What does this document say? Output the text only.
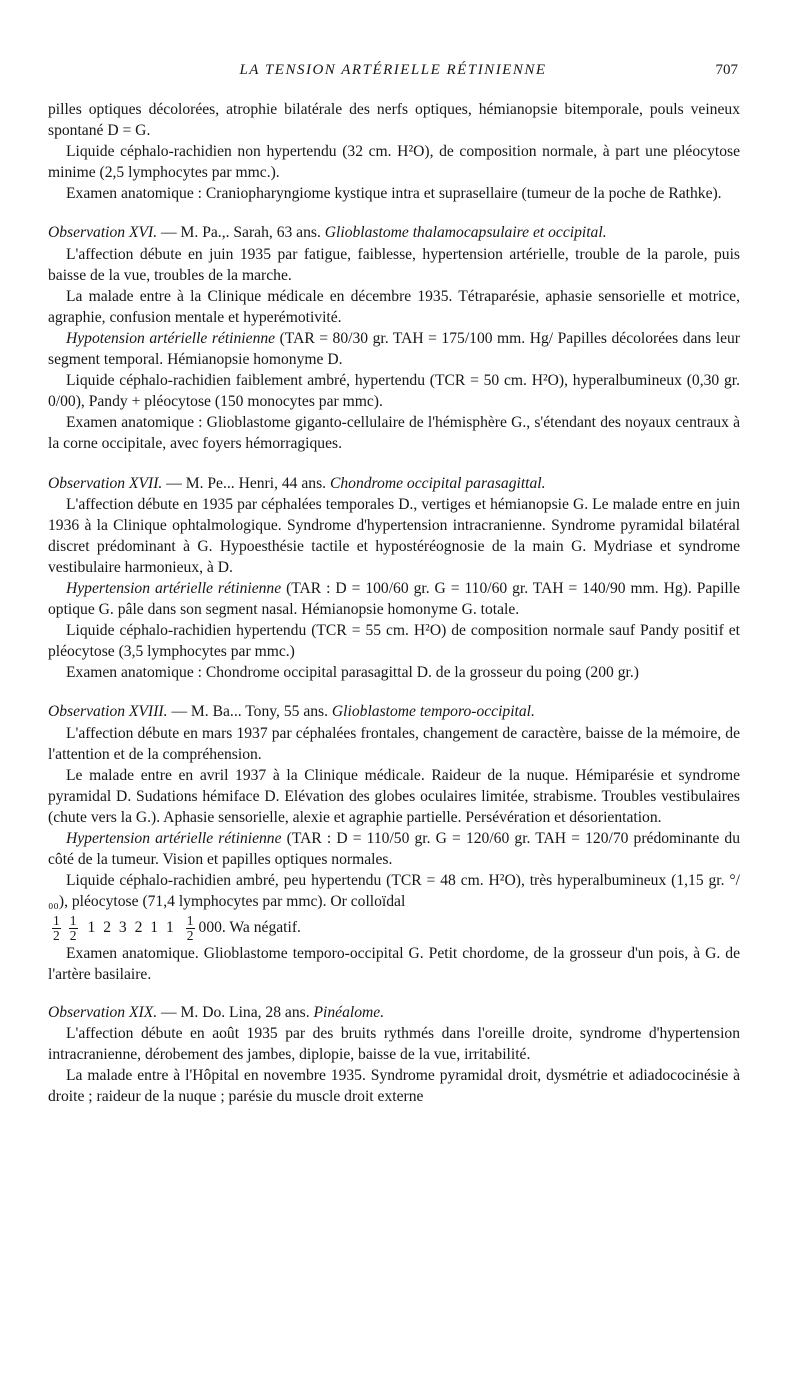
LA TENSION ARTÉRIELLE RÉTINIENNE	707

pilles optiques décolorées, atrophie bilatérale des nerfs optiques, hémianopsie bitemporale, pouls veineux spontané D = G.

Liquide céphalo-rachidien non hypertendu (32 cm. H²O), de composition normale, à part une pléocytose minime (2,5 lymphocytes par mmc.).

Examen anatomique : Craniopharyngiome kystique intra et suprasellaire (tumeur de la poche de Rathke).

Observation XVI. — M. Pa.,. Sarah, 63 ans. Glioblastome thalamocapsulaire et occipital.

L'affection débute en juin 1935 par fatigue, faiblesse, hypertension artérielle, trouble de la parole, puis baisse de la vue, troubles de la marche.

La malade entre à la Clinique médicale en décembre 1935. Tétraparésie, aphasie sensorielle et motrice, agraphie, confusion mentale et hyperémotivité.

Hypotension artérielle rétinienne (TAR = 80/30 gr. TAH = 175/100 mm. Hg/ Papilles décolorées dans leur segment temporal. Hémianopsie homonyme D.

Liquide céphalo-rachidien faiblement ambré, hypertendu (TCR = 50 cm. H²O), hyperalbumineux (0,30 gr. 0/00), Pandy + pléocytose (150 monocytes par mmc).

Examen anatomique : Glioblastome giganto-cellulaire de l'hémisphère G., s'étendant des noyaux centraux à la corne occipitale, avec foyers hémorragiques.

Observation XVII. — M. Pe... Henri, 44 ans. Chondrome occipital parasagittal.

L'affection débute en 1935 par céphalées temporales D., vertiges et hémianopsie G. Le malade entre en juin 1936 à la Clinique ophtalmologique. Syndrome d'hypertension intracranienne. Syndrome pyramidal bilatéral discret prédominant à G. Hypoesthésie tactile et hypostéréognosie de la main G. Mydriase et syndrome vestibulaire harmonieux, à D.

Hypertension artérielle rétinienne (TAR : D = 100/60 gr. G = 110/60 gr. TAH = 140/90 mm. Hg). Papille optique G. pâle dans son segment nasal. Hémianopsie homonyme G. totale.

Liquide céphalo-rachidien hypertendu (TCR = 55 cm. H²O) de composition normale sauf Pandy positif et pléocytose (3,5 lymphocytes par mmc.)

Examen anatomique : Chondrome occipital parasagittal D. de la grosseur du poing (200 gr.)

Observation XVIII. — M. Ba... Tony, 55 ans. Glioblastome temporo-occipital.

L'affection débute en mars 1937 par céphalées frontales, changement de caractère, baisse de la mémoire, de l'attention et de la compréhension.

Le malade entre en avril 1937 à la Clinique médicale. Raideur de la nuque. Hémiparésie et syndrome pyramidal D. Sudations hémiface D. Elévation des globes oculaires limitée, strabisme. Troubles vestibulaires (chute vers la G.). Aphasie sensorielle, alexie et agraphie partielle. Persévération et désorientation.

Hypertension artérielle rétinienne (TAR : D = 110/50 gr. G = 120/60 gr. TAH = 120/70 prédominante du côté de la tumeur. Vision et papilles optiques normales.

Liquide céphalo-rachidien ambré, peu hypertendu (TCR = 48 cm. H²O), très hyperalbumineux (1,15 gr. °/₀₀), pléocytose (71,4 lymphocytes par mmc). Or colloïdal

$\frac{1}{2} \frac{1}{2} 1$ 2 3 2 1 $1 \frac{1}{2} 000$. Wa négatif.

Examen anatomique. Glioblastome temporo-occipital G. Petit chordome, de la grosseur d'un pois, à G. de l'artère basilaire.

Observation XIX. — M. Do. Lina, 28 ans. Pinéalome.

L'affection débute en août 1935 par des bruits rythmés dans l'oreille droite, syndrome d'hypertension intracranienne, dérobement des jambes, diplopie, baisse de la vue, irritabilité.

La malade entre à l'Hôpital en novembre 1935. Syndrome pyramidal droit, dysmétrie et adiadococinésie à droite ; raideur de la nuque ; parésie du muscle droit externe
